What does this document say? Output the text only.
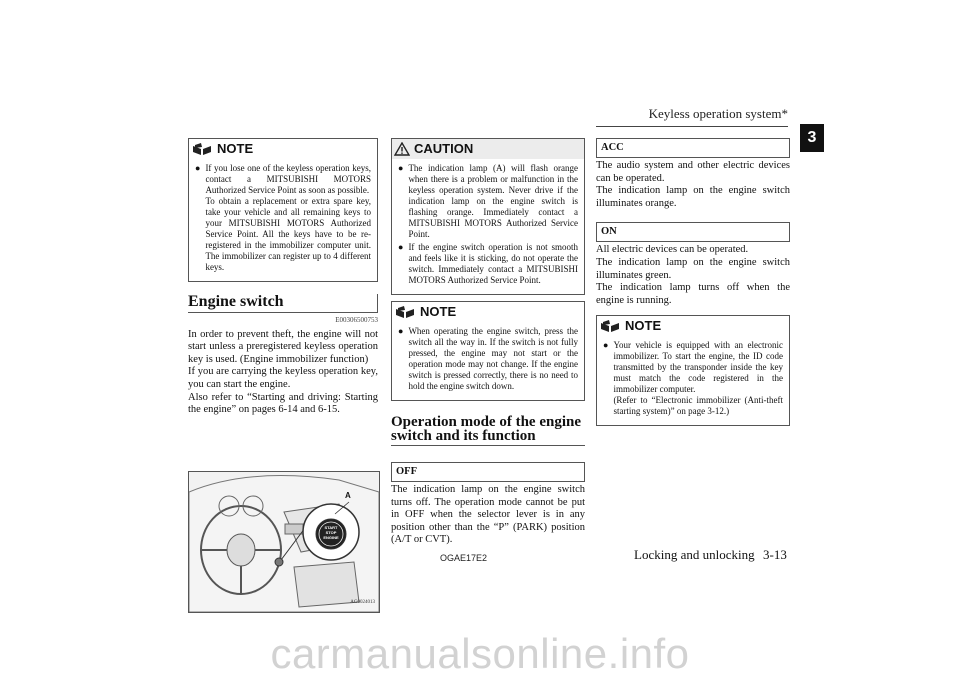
Keyless operation system*
3
NOTE
● If you lose one of the keyless operation keys, contact a MITSUBISHI MOTORS Authorized Service Point as soon as possible.

To obtain a replacement or extra spare key, take your vehicle and all remaining keys to your MITSUBISHI MOTORS Authorized Service Point. All the keys have to be re-registered in the immobilizer computer unit. The immobilizer can register up to 4 different keys.

Engine switch
E00306500753

In order to prevent theft, the engine will not start unless a preregistered keyless operation key is used. (Engine immobilizer function)

If you are carrying the keyless operation key, you can start the engine.

Also refer to “Starting and driving: Starting the engine” on pages 6-14 and 6-15.

A
START
STOP
ENGINE
AG0024013
CAUTION
● The indication lamp (A) will flash orange when there is a problem or malfunction in the keyless operation system. Never drive if the indication lamp on the engine switch is flashing orange. Immediately contact a MITSUBISHI MOTORS Authorized Service Point.

● If the engine switch operation is not smooth and feels like it is sticking, do not operate the switch. Immediately contact a MITSUBISHI MOTORS Authorized Service Point.

NOTE
● When operating the engine switch, press the switch all the way in. If the switch is not fully pressed, the engine may not start or the operation mode may not change. If the engine switch is pressed correctly, there is no need to hold the engine switch down.

Operation mode of the engine switch and its function
OFF

The indication lamp on the engine switch turns off. The operation mode cannot be put in OFF when the selector lever is in any position other than the “P” (PARK) position (A/T or CVT).

ACC

The audio system and other electric devices can be operated.

The indication lamp on the engine switch illuminates orange.

ON

All electric devices can be operated.

The indication lamp on the engine switch illuminates green.

The indication lamp turns off when the engine is running.

NOTE
● Your vehicle is equipped with an electronic immobilizer. To start the engine, the ID code transmitted by the transponder inside the key must match the code registered in the immobilizer computer.

(Refer to “Electronic immobilizer (Anti-theft starting system)” on page 3-12.)

OGAE17E2	Locking and unlocking 3-13
carmanualsonline.info
